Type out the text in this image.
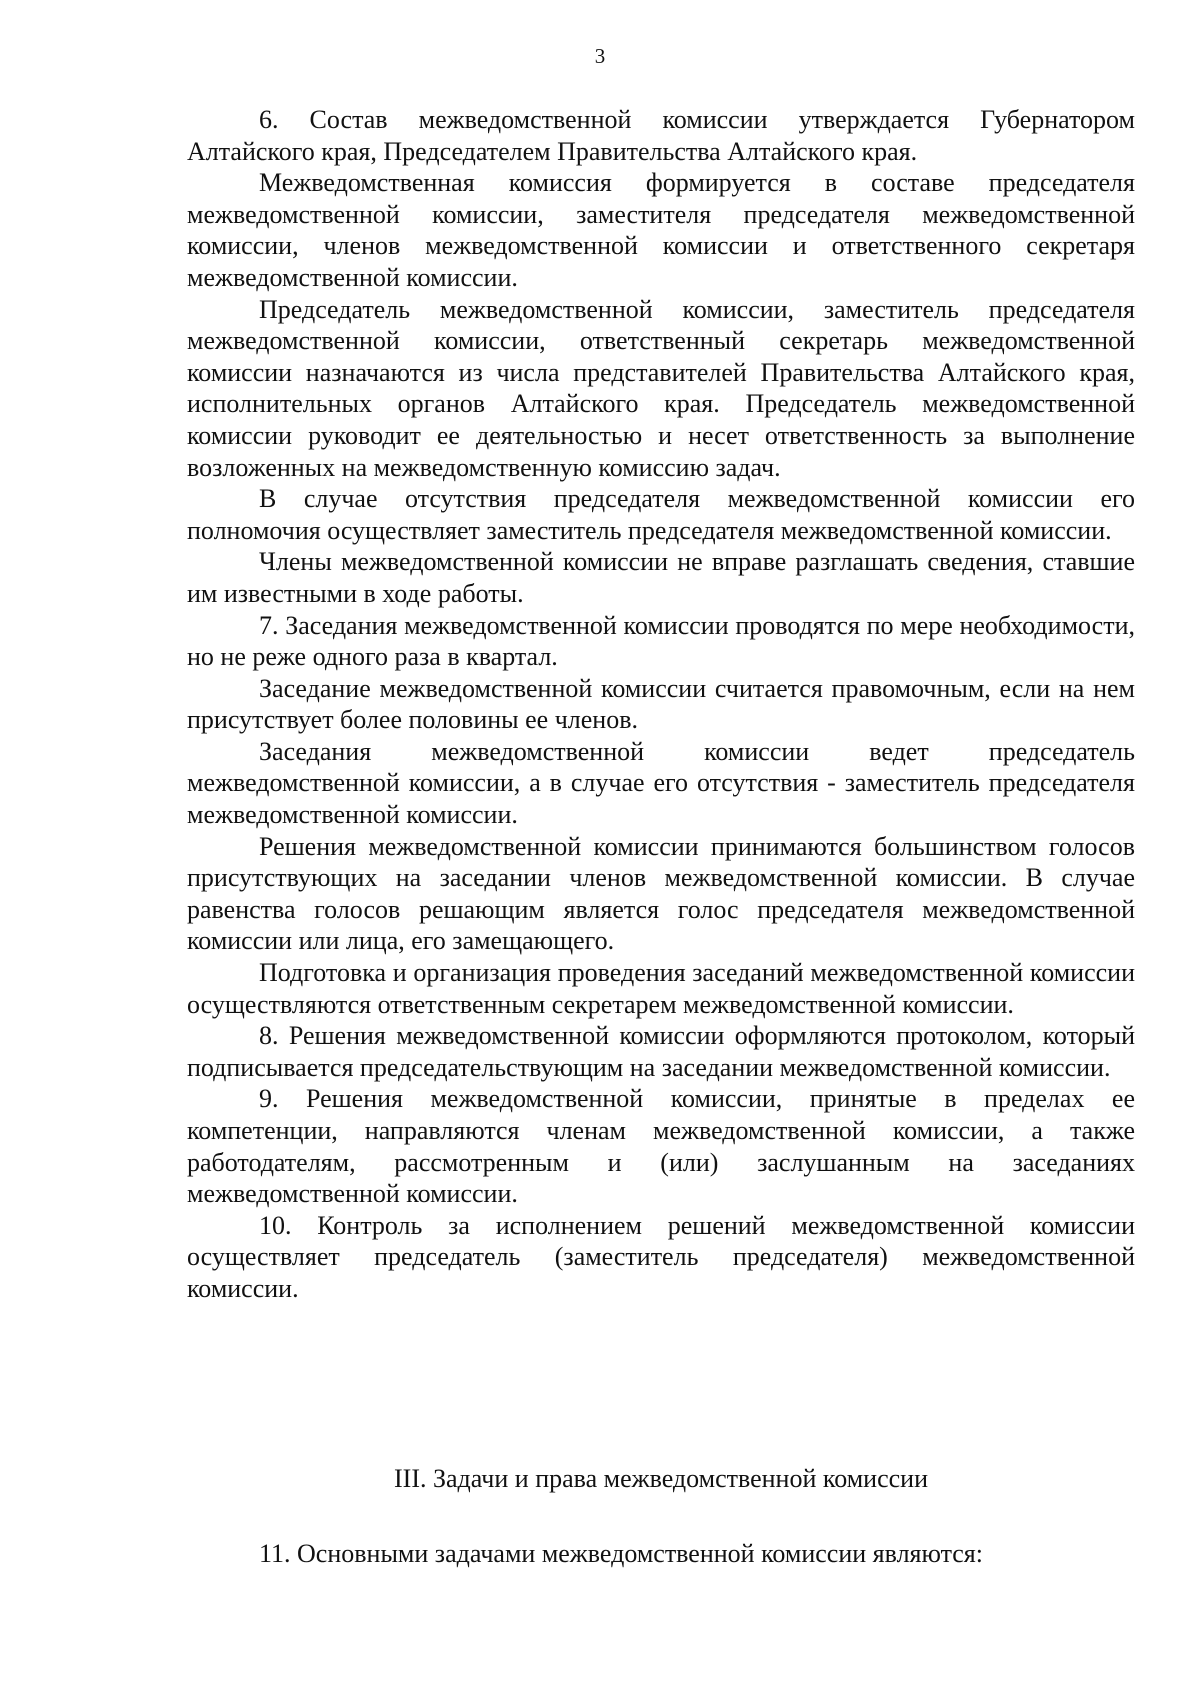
3

6. Состав межведомственной комиссии утверждается Губернатором Алтайского края, Председателем Правительства Алтайского края.

Межведомственная комиссия формируется в составе председателя межведомственной комиссии, заместителя председателя межведомственной комиссии, членов межведомственной комиссии и ответственного секретаря межведомственной комиссии.

Председатель межведомственной комиссии, заместитель председателя межведомственной комиссии, ответственный секретарь межведомственной комиссии назначаются из числа представителей Правительства Алтайского края, исполнительных органов Алтайского края. Председатель межведомственной комиссии руководит ее деятельностью и несет ответственность за выполнение возложенных на межведомственную комиссию задач.

В случае отсутствия председателя межведомственной комиссии его полномочия осуществляет заместитель председателя межведомственной комиссии.

Члены межведомственной комиссии не вправе разглашать сведения, ставшие им известными в ходе работы.

7. Заседания межведомственной комиссии проводятся по мере необходимости, но не реже одного раза в квартал.

Заседание межведомственной комиссии считается правомочным, если на нем присутствует более половины ее членов.

Заседания межведомственной комиссии ведет председатель межведомственной комиссии, а в случае его отсутствия - заместитель председателя межведомственной комиссии.

Решения межведомственной комиссии принимаются большинством голосов присутствующих на заседании членов межведомственной комиссии. В случае равенства голосов решающим является голос председателя межведомственной комиссии или лица, его замещающего.

Подготовка и организация проведения заседаний межведомственной комиссии осуществляются ответственным секретарем межведомственной комиссии.

8. Решения межведомственной комиссии оформляются протоколом, который подписывается председательствующим на заседании межведомственной комиссии.

9. Решения межведомственной комиссии, принятые в пределах ее компетенции, направляются членам межведомственной комиссии, а также работодателям, рассмотренным и (или) заслушанным на заседаниях межведомственной комиссии.

10. Контроль за исполнением решений межведомственной комиссии осуществляет председатель (заместитель председателя) межведомственной комиссии.

III. Задачи и права межведомственной комиссии
11. Основными задачами межведомственной комиссии являются:
